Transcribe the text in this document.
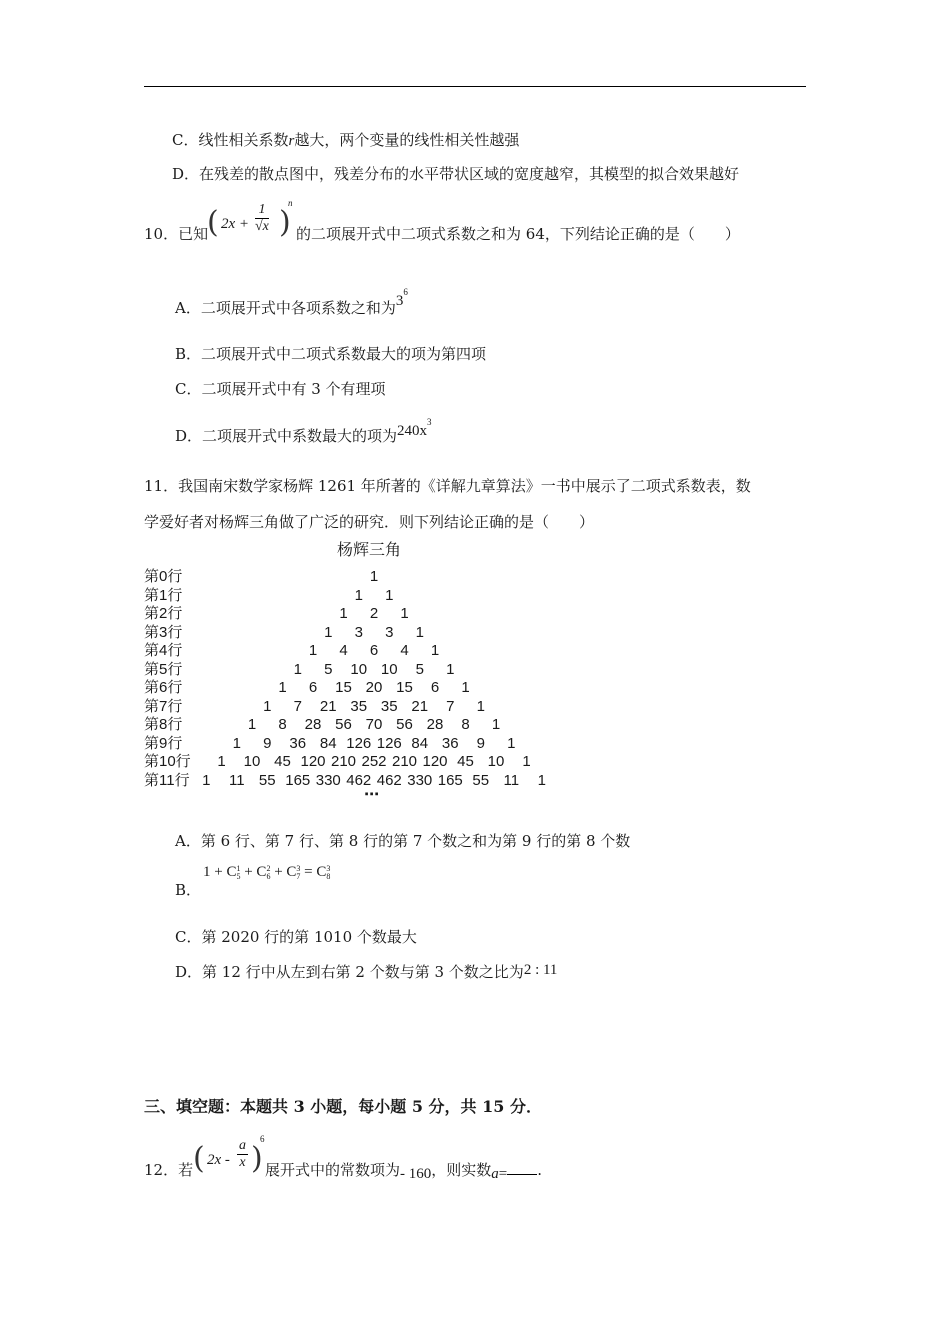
C．线性相关系数r越大，两个变量的线性相关性越强
D．在残差的散点图中，残差分布的水平带状区域的宽度越窄，其模型的拟合效果越好
10．已知
( $2x + \frac{1}{√x}$ )
n
的二项展开式中二项式系数之和为 64，下列结论正确的是（　　）
A．二项展开式中各项系数之和为$3^6$
B．二项展开式中二项式系数最大的项为第四项
C．二项展开式中有 3 个有理项
D．二项展开式中系数最大的项为$240x^3$
11．我国南宋数学家杨辉 1261 年所著的《详解九章算法》一书中展示了二项式系数表，数
学爱好者对杨辉三角做了广泛的研究．则下列结论正确的是（　　）
杨辉三角
第0行	1
第1行	1 1
第2行	1 2 1
第3行	1 3 3 1
第4行	1 4 6 4 1
第5行	1 5 10 10 5 1
第6行	1 6 15 20 15 6 1
第7行	1 7 21 35 35 21 7 1
第8行	1 8 28 56 70 56 28 8 1
第9行	1 9 36 84 126 126 84 36 9 1
第10行 1 10 45 120 210 252 210 120 45 10 1
第11行 1 11 55 165 330 462 462 330 165 55 11 1
⋯
A．第 6 行、第 7 行、第 8 行的第 7 个数之和为第 9 行的第 8 个数
B．
1 + C 1
5 + C 2
6 + C 3
7 = C 3
8
C．第 2020 行的第 1010 个数最大
D．第 12 行中从左到右第 2 个数与第 3 个数之比为2 : 11
三、填空题：本题共 3 小题，每小题 5 分，共 15 分．
12．若 ( $2x - \frac{a}{x}$ )
6
展开式中的常数项为- 160，则实数a= .
